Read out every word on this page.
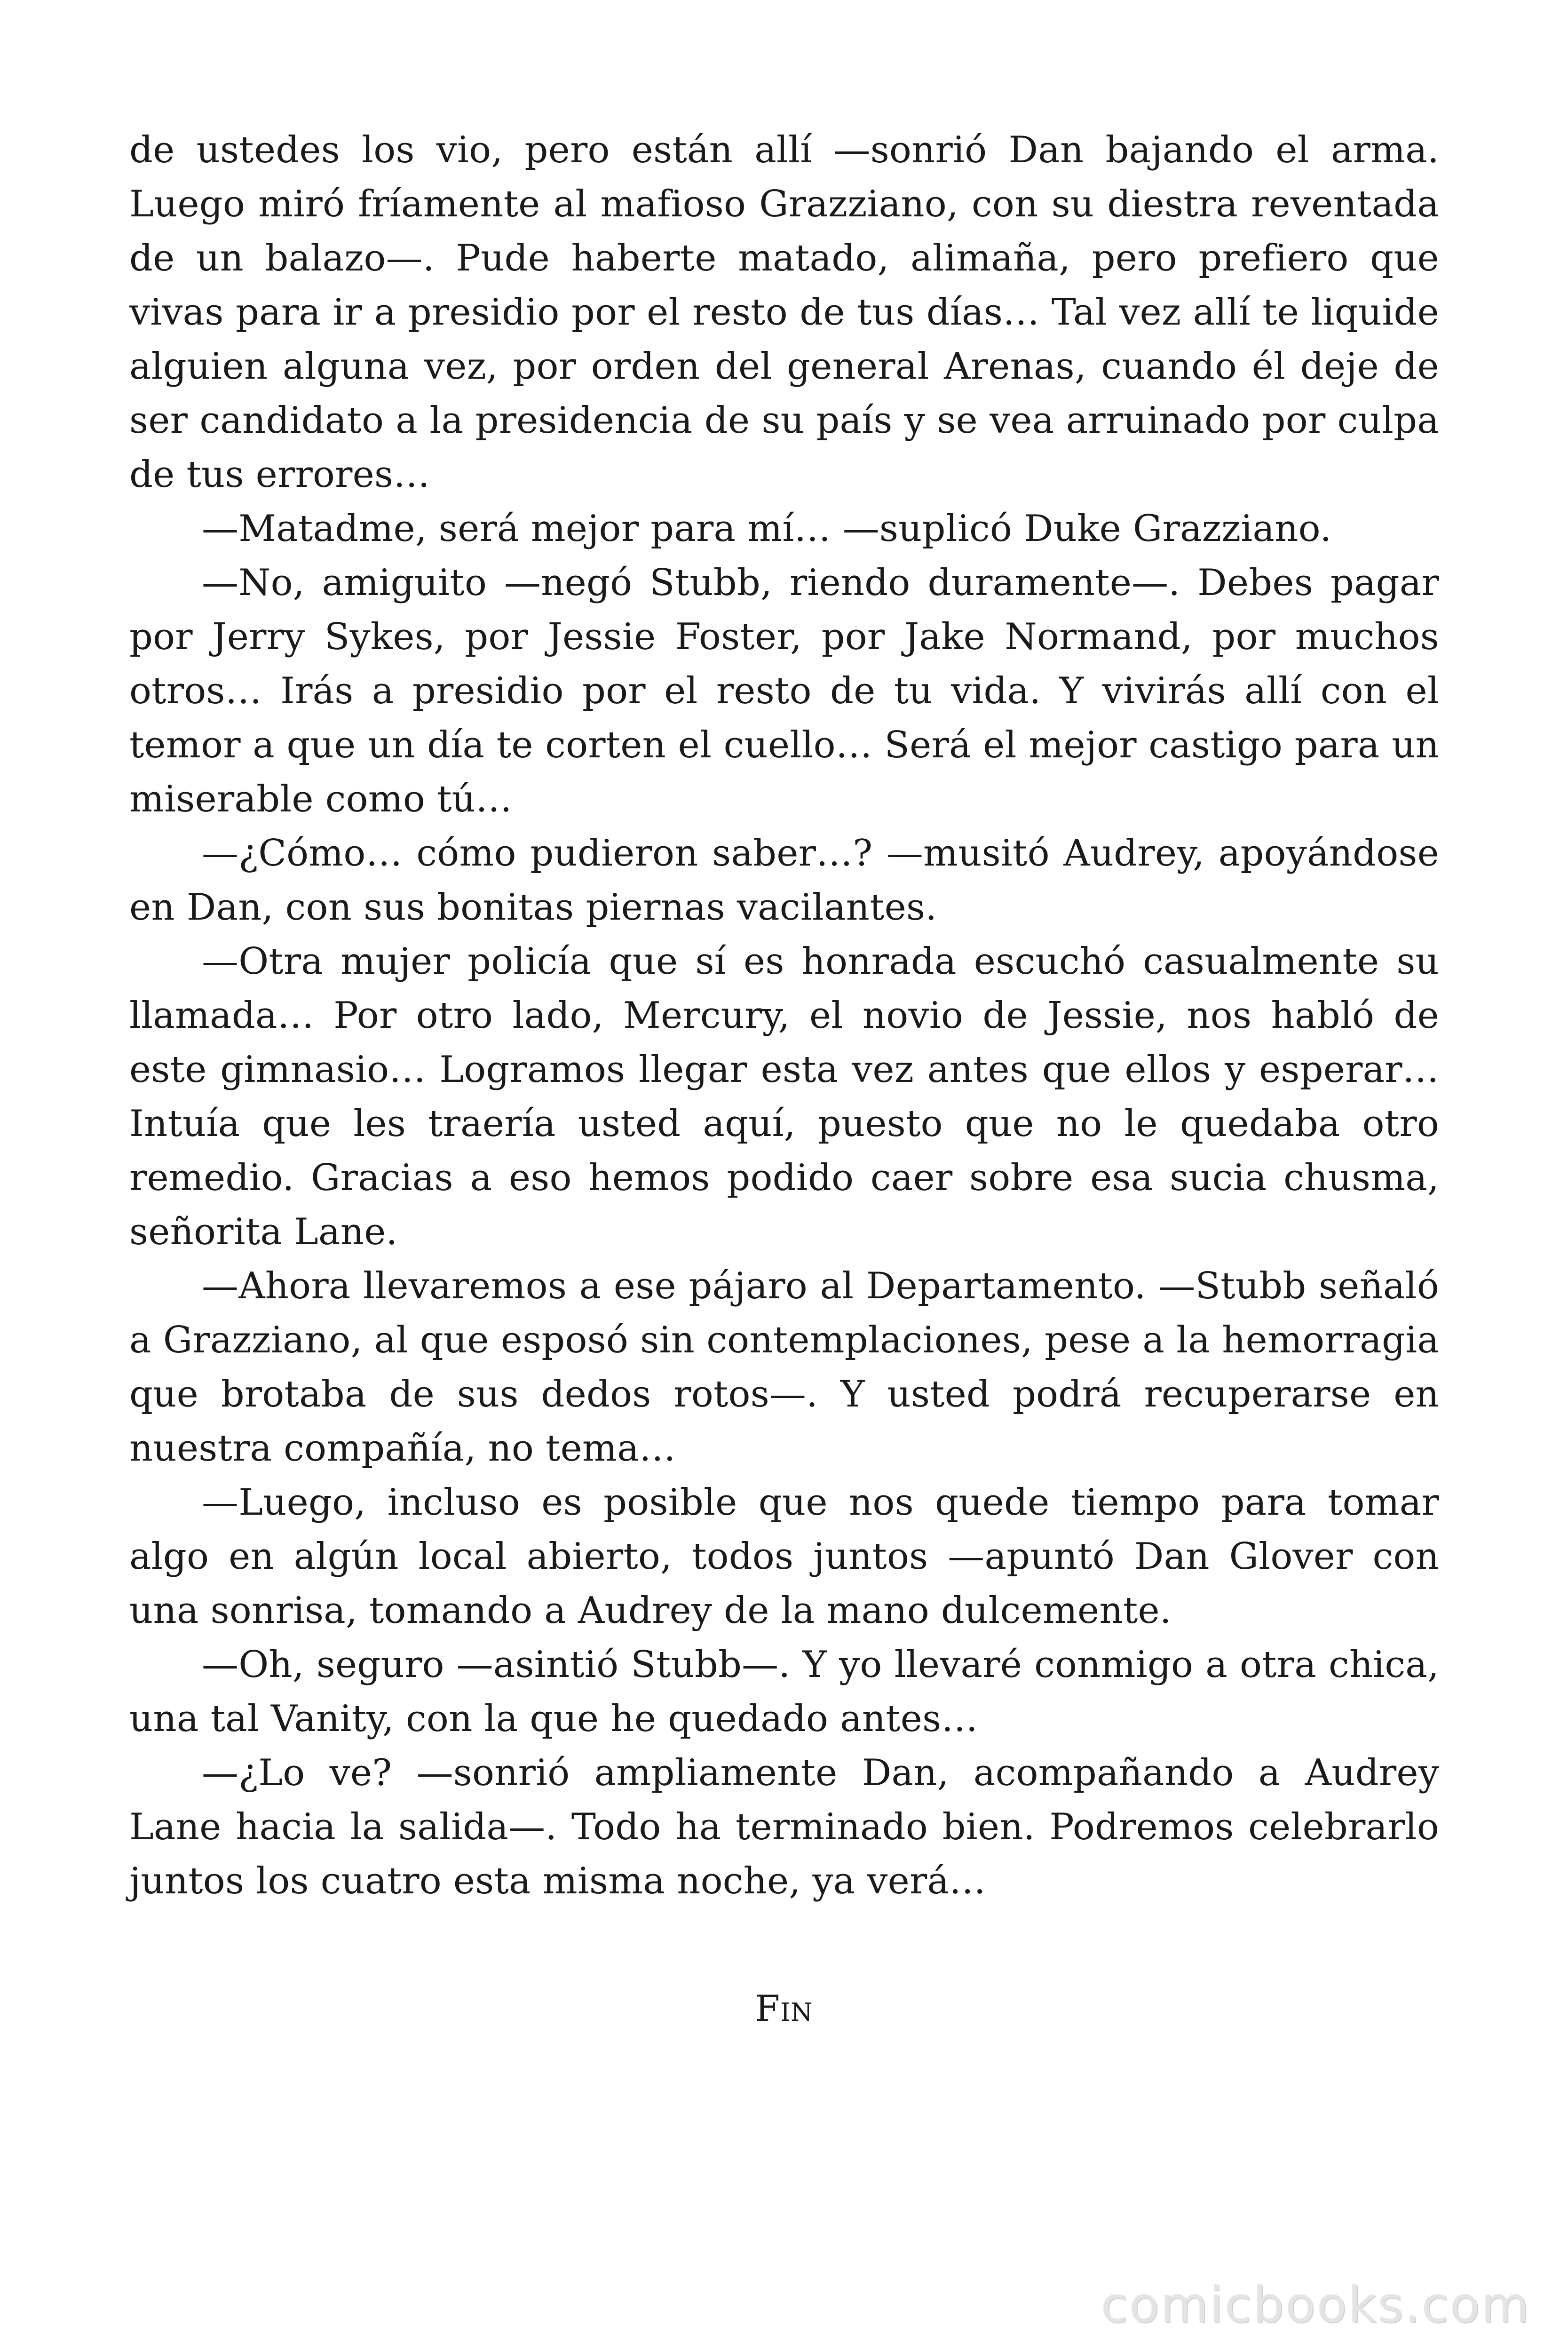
de ustedes los vio, pero están allí —sonrió Dan bajando el arma. Luego miró fríamente al mafioso Grazziano, con su diestra reventada de un balazo—. Pude haberte matado, alimaña, pero prefiero que vivas para ir a presidio por el resto de tus días… Tal vez allí te liquide alguien alguna vez, por orden del general Arenas, cuando él deje de ser candidato a la presidencia de su país y se vea arruinado por culpa de tus errores…

—Matadme, será mejor para mí… —suplicó Duke Grazziano.

—No, amiguito —negó Stubb, riendo duramente—. Debes pagar por Jerry Sykes, por Jessie Foster, por Jake Normand, por muchos otros… Irás a presidio por el resto de tu vida. Y vivirás allí con el temor a que un día te corten el cuello… Será el mejor castigo para un miserable como tú…

—¿Cómo… cómo pudieron saber…? —musitó Audrey, apoyándose en Dan, con sus bonitas piernas vacilantes.

—Otra mujer policía que sí es honrada escuchó casualmente su llamada… Por otro lado, Mercury, el novio de Jessie, nos habló de este gimnasio… Logramos llegar esta vez antes que ellos y esperar… Intuía que les traería usted aquí, puesto que no le quedaba otro remedio. Gracias a eso hemos podido caer sobre esa sucia chusma, señorita Lane.

—Ahora llevaremos a ese pájaro al Departamento. —Stubb señaló a Grazziano, al que esposó sin contemplaciones, pese a la hemorragia que brotaba de sus dedos rotos—. Y usted podrá recuperarse en nuestra compañía, no tema…

—Luego, incluso es posible que nos quede tiempo para tomar algo en algún local abierto, todos juntos —apuntó Dan Glover con una sonrisa, tomando a Audrey de la mano dulcemente.

—Oh, seguro —asintió Stubb—. Y yo llevaré conmigo a otra chica, una tal Vanity, con la que he quedado antes…

—¿Lo ve? —sonrió ampliamente Dan, acompañando a Audrey Lane hacia la salida—. Todo ha terminado bien. Podremos celebrarlo juntos los cuatro esta misma noche, ya verá…

Fin
comicbooks.com
